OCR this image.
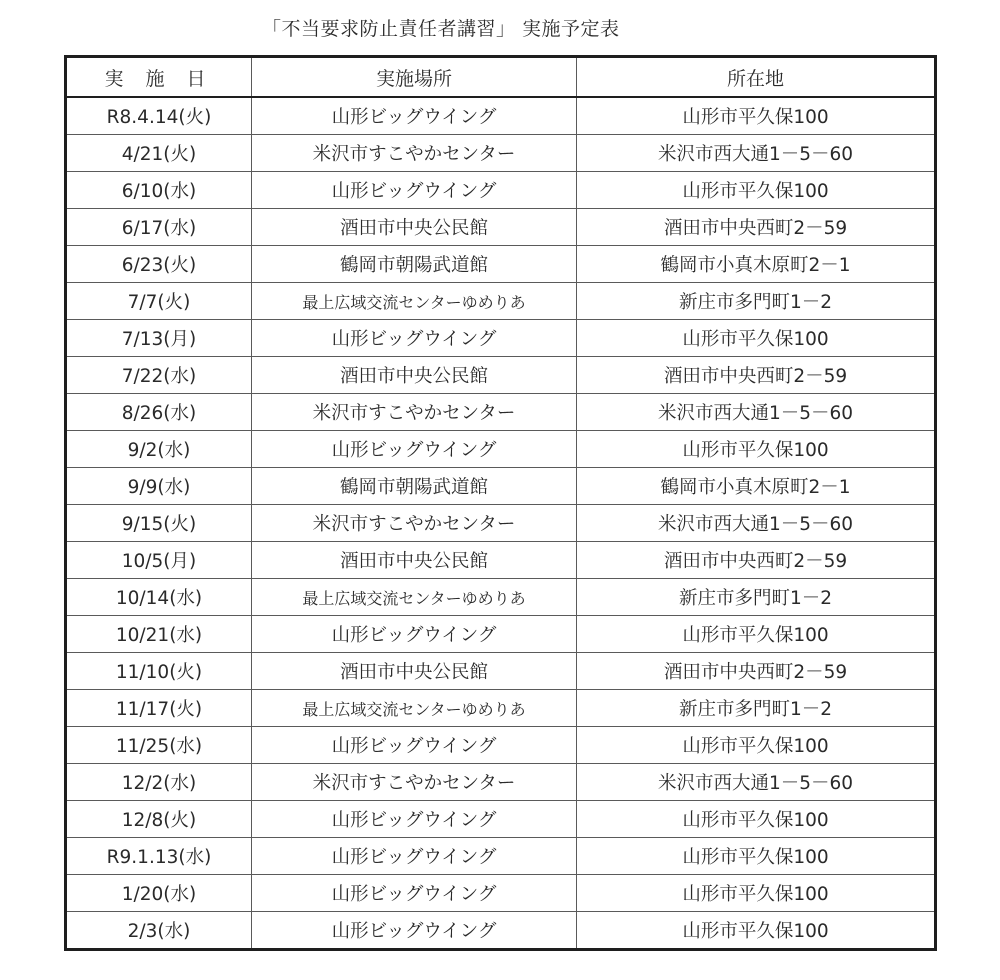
「不当要求防止責任者講習」 実施予定表
実 施 日	実施場所	所在地
R8.4.14(火)	山形ビッグウイング	山形市平久保100
4/21(火)	米沢市すこやかセンター	米沢市西大通1－5－60
6/10(水)	山形ビッグウイング	山形市平久保100
6/17(水)	酒田市中央公民館	酒田市中央西町2－59
6/23(火)	鶴岡市朝陽武道館	鶴岡市小真木原町2－1
7/7(火)	最上広域交流センターゆめりあ	新庄市多門町1－2
7/13(月)	山形ビッグウイング	山形市平久保100
7/22(水)	酒田市中央公民館	酒田市中央西町2－59
8/26(水)	米沢市すこやかセンター	米沢市西大通1－5－60
9/2(水)	山形ビッグウイング	山形市平久保100
9/9(水)	鶴岡市朝陽武道館	鶴岡市小真木原町2－1
9/15(火)	米沢市すこやかセンター	米沢市西大通1－5－60
10/5(月)	酒田市中央公民館	酒田市中央西町2－59
10/14(水)	最上広域交流センターゆめりあ	新庄市多門町1－2
10/21(水)	山形ビッグウイング	山形市平久保100
11/10(火)	酒田市中央公民館	酒田市中央西町2－59
11/17(火)	最上広域交流センターゆめりあ	新庄市多門町1－2
11/25(水)	山形ビッグウイング	山形市平久保100
12/2(水)	米沢市すこやかセンター	米沢市西大通1－5－60
12/8(火)	山形ビッグウイング	山形市平久保100
R9.1.13(水)	山形ビッグウイング	山形市平久保100
1/20(水)	山形ビッグウイング	山形市平久保100
2/3(水)	山形ビッグウイング	山形市平久保100
